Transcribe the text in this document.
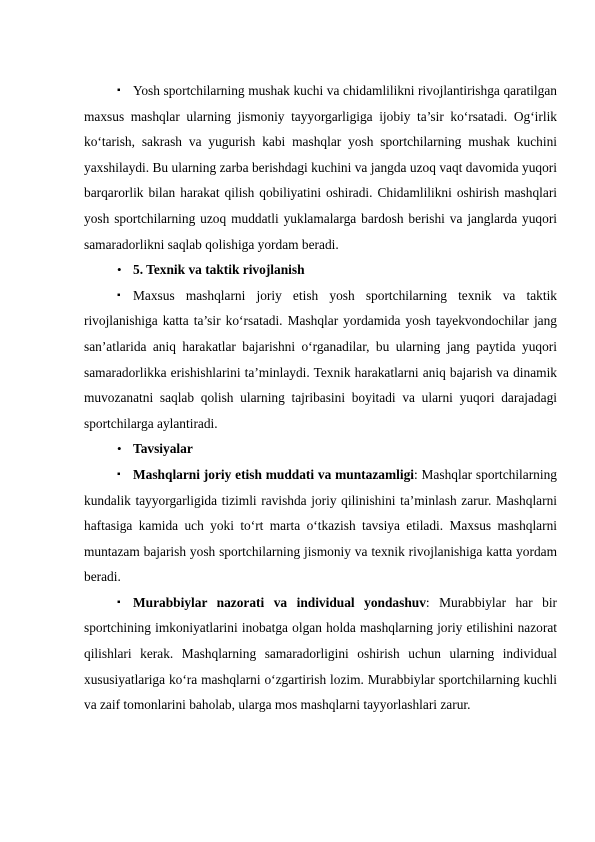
▪ Yosh sportchilarning mushak kuchi va chidamlilikni rivojlantirishga qaratilgan maxsus mashqlar ularning jismoniy tayyorgarligiga ijobiy ta’sir ko‘rsatadi. Og‘irlik ko‘tarish, sakrash va yugurish kabi mashqlar yosh sportchilarning mushak kuchini yaxshilaydi. Bu ularning zarba berishdagi kuchini va jangda uzoq vaqt davomida yuqori barqarorlik bilan harakat qilish qobiliyatini oshiradi. Chidamlilikni oshirish mashqlari yosh sportchilarning uzoq muddatli yuklamalarga bardosh berishi va janglarda yuqori samaradorlikni saqlab qolishiga yordam beradi.
• 5. Texnik va taktik rivojlanish
▪ Maxsus mashqlarni joriy etish yosh sportchilarning texnik va taktik rivojlanishiga katta ta’sir ko‘rsatadi. Mashqlar yordamida yosh tayekvondochilar jang san’atlarida aniq harakatlar bajarishni o‘rganadilar, bu ularning jang paytida yuqori samaradorlikka erishishlarini ta’minlaydi. Texnik harakatlarni aniq bajarish va dinamik muvozanatni saqlab qolish ularning tajribasini boyitadi va ularni yuqori darajadagi sportchilarga aylantiradi.
• Tavsiyalar
▪ Mashqlarni joriy etish muddati va muntazamligi: Mashqlar sportchilarning kundalik tayyorgarligida tizimli ravishda joriy qilinishini ta’minlash zarur. Mashqlarni haftasiga kamida uch yoki to‘rt marta o‘tkazish tavsiya etiladi. Maxsus mashqlarni muntazam bajarish yosh sportchilarning jismoniy va texnik rivojlanishiga katta yordam beradi.
▪ Murabbiylar nazorati va individual yondashuv: Murabbiylar har bir sportchining imkoniyatlarini inobatga olgan holda mashqlarning joriy etilishini nazorat qilishlari kerak. Mashqlarning samaradorligini oshirish uchun ularning individual xususiyatlariga ko‘ra mashqlarni o‘zgartirish lozim. Murabbiylar sportchilarning kuchli va zaif tomonlarini baholab, ularga mos mashqlarni tayyorlashlari zarur.
